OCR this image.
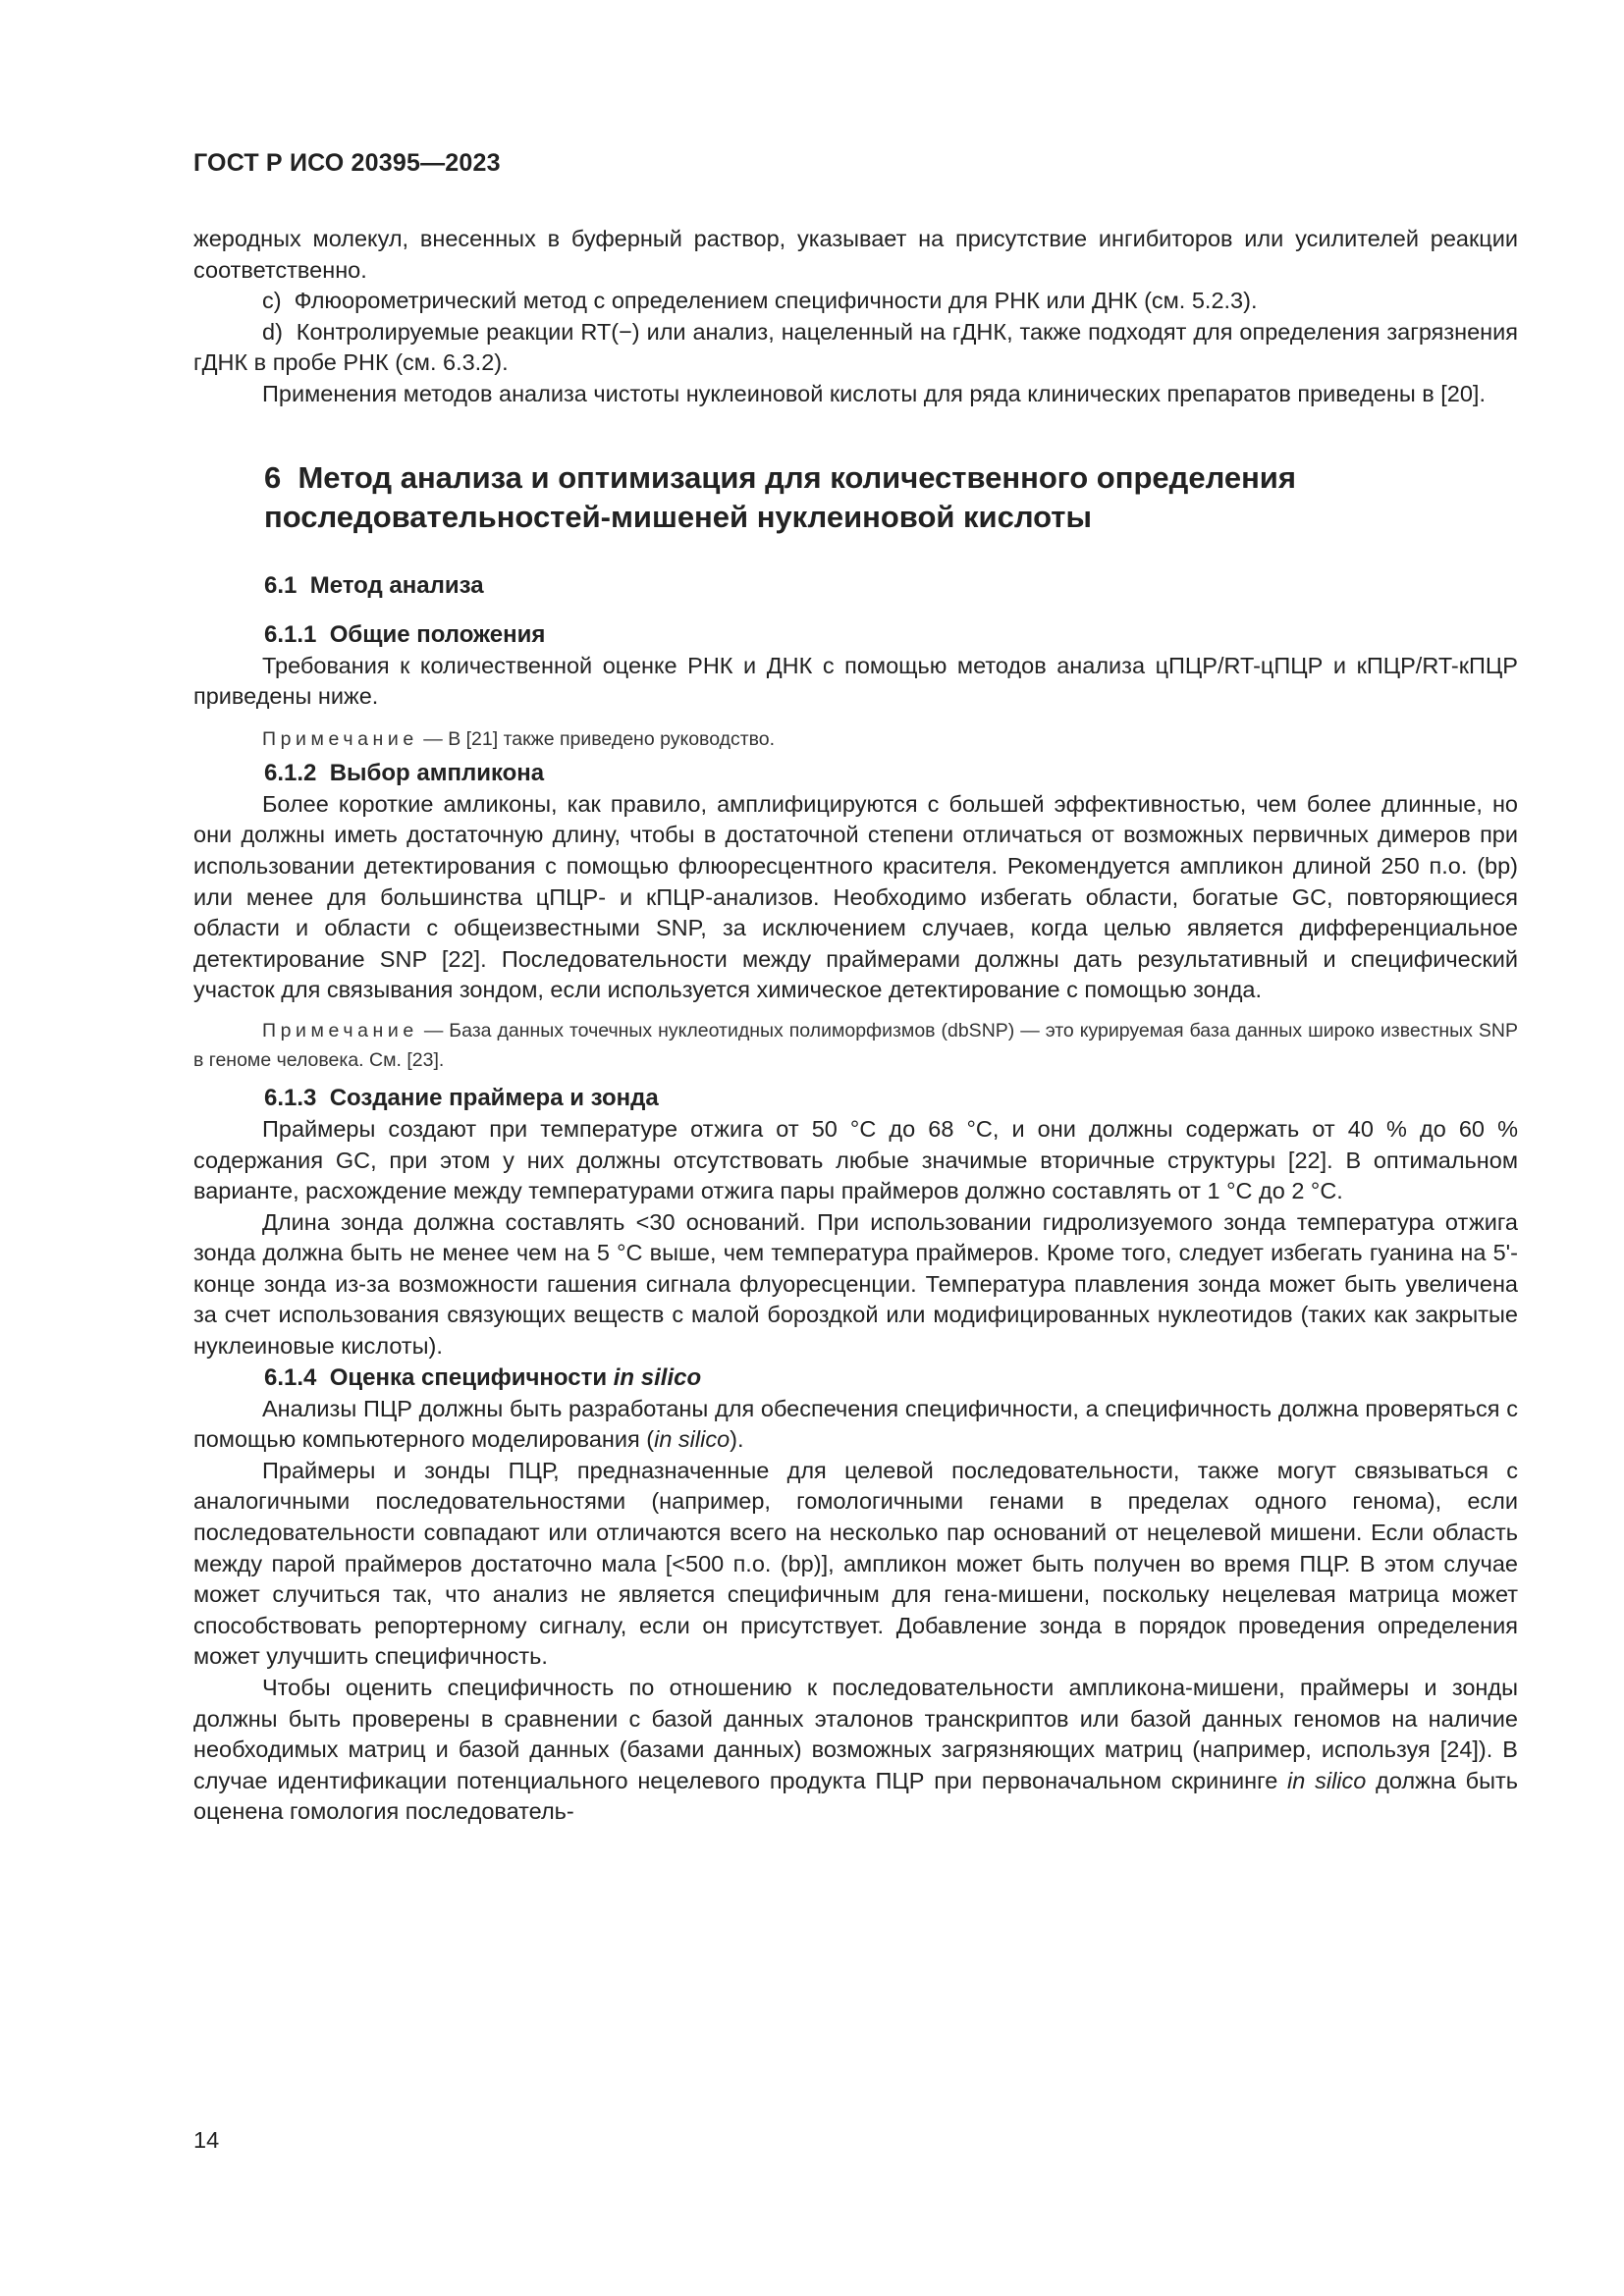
ГОСТ Р ИСО 20395—2023

жеродных молекул, внесенных в буферный раствор, указывает на присутствие ингибиторов или усилителей реакции соответственно.

c)  Флюорометрический метод с определением специфичности для РНК или ДНК (см. 5.2.3).

d)  Контролируемые реакции RT(−) или анализ, нацеленный на гДНК, также подходят для определения загрязнения гДНК в пробе РНК (см. 6.3.2).

Применения методов анализа чистоты нуклеиновой кислоты для ряда клинических препаратов приведены в [20].

6  Метод анализа и оптимизация для количественного определения
последовательностей-мишеней нуклеиновой кислоты

6.1  Метод анализа

6.1.1  Общие положения

Требования к количественной оценке РНК и ДНК с помощью методов анализа цПЦР/RT-цПЦР и кПЦР/RT-кПЦР приведены ниже.

Примечание — В [21] также приведено руководство.

6.1.2  Выбор ампликона

Более короткие амликоны, как правило, амплифицируются с большей эффективностью, чем более длинные, но они должны иметь достаточную длину, чтобы в достаточной степени отличаться от возможных первичных димеров при использовании детектирования с помощью флюоресцентного красителя. Рекомендуется ампликон длиной 250 п.о. (bp) или менее для большинства цПЦР- и кПЦР-анализов. Необходимо избегать области, богатые GC, повторяющиеся области и области с общеизвестными SNP, за исключением случаев, когда целью является дифференциальное детектирование SNP [22]. Последовательности между праймерами должны дать результативный и специфический участок для связывания зондом, если используется химическое детектирование с помощью зонда.

Примечание — База данных точечных нуклеотидных полиморфизмов (dbSNP) — это курируемая база данных широко известных SNP в геноме человека. См. [23].

6.1.3  Создание праймера и зонда

Праймеры создают при температуре отжига от 50 °С до 68 °С, и они должны содержать от 40 % до 60 % содержания GC, при этом у них должны отсутствовать любые значимые вторичные структуры [22]. В оптимальном варианте, расхождение между температурами отжига пары праймеров должно составлять от 1 °С до 2 °С.

Длина зонда должна составлять <30 оснований. При использовании гидролизуемого зонда температура отжига зонда должна быть не менее чем на 5 °С выше, чем температура праймеров. Кроме того, следует избегать гуанина на 5'-конце зонда из-за возможности гашения сигнала флуоресценции. Температура плавления зонда может быть увеличена за счет использования связующих веществ с малой бороздкой или модифицированных нуклеотидов (таких как закрытые нуклеиновые кислоты).

6.1.4  Оценка специфичности in silico

Анализы ПЦР должны быть разработаны для обеспечения специфичности, а специфичность должна проверяться с помощью компьютерного моделирования (in silico).

Праймеры и зонды ПЦР, предназначенные для целевой последовательности, также могут связываться с аналогичными последовательностями (например, гомологичными генами в пределах одного генома), если последовательности совпадают или отличаются всего на несколько пар оснований от нецелевой мишени. Если область между парой праймеров достаточно мала [<500 п.о. (bp)], ампликон может быть получен во время ПЦР. В этом случае может случиться так, что анализ не является специфичным для гена-мишени, поскольку нецелевая матрица может способствовать репортерному сигналу, если он присутствует. Добавление зонда в порядок проведения определения может улучшить специфичность.

Чтобы оценить специфичность по отношению к последовательности ампликона-мишени, праймеры и зонды должны быть проверены в сравнении с базой данных эталонов транскриптов или базой данных геномов на наличие необходимых матриц и базой данных (базами данных) возможных загрязняющих матриц (например, используя [24]). В случае идентификации потенциального нецелевого продукта ПЦР при первоначальном скрининге in silico должна быть оценена гомология последователь-

14
